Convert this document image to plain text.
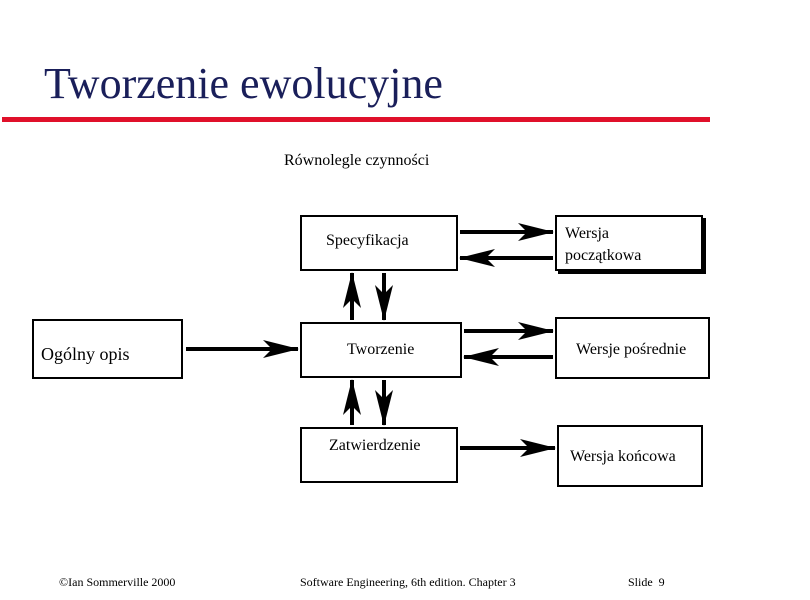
Tworzenie ewolucyjne
Równolegle czynności
Ogólny opis
Specyfikacja
Tworzenie
Zatwierdzenie
Wersja
początkowa
Wersje pośrednie
Wersja końcowa
©Ian Sommerville 2000	Software Engineering, 6th edition. Chapter 3	Slide  9
